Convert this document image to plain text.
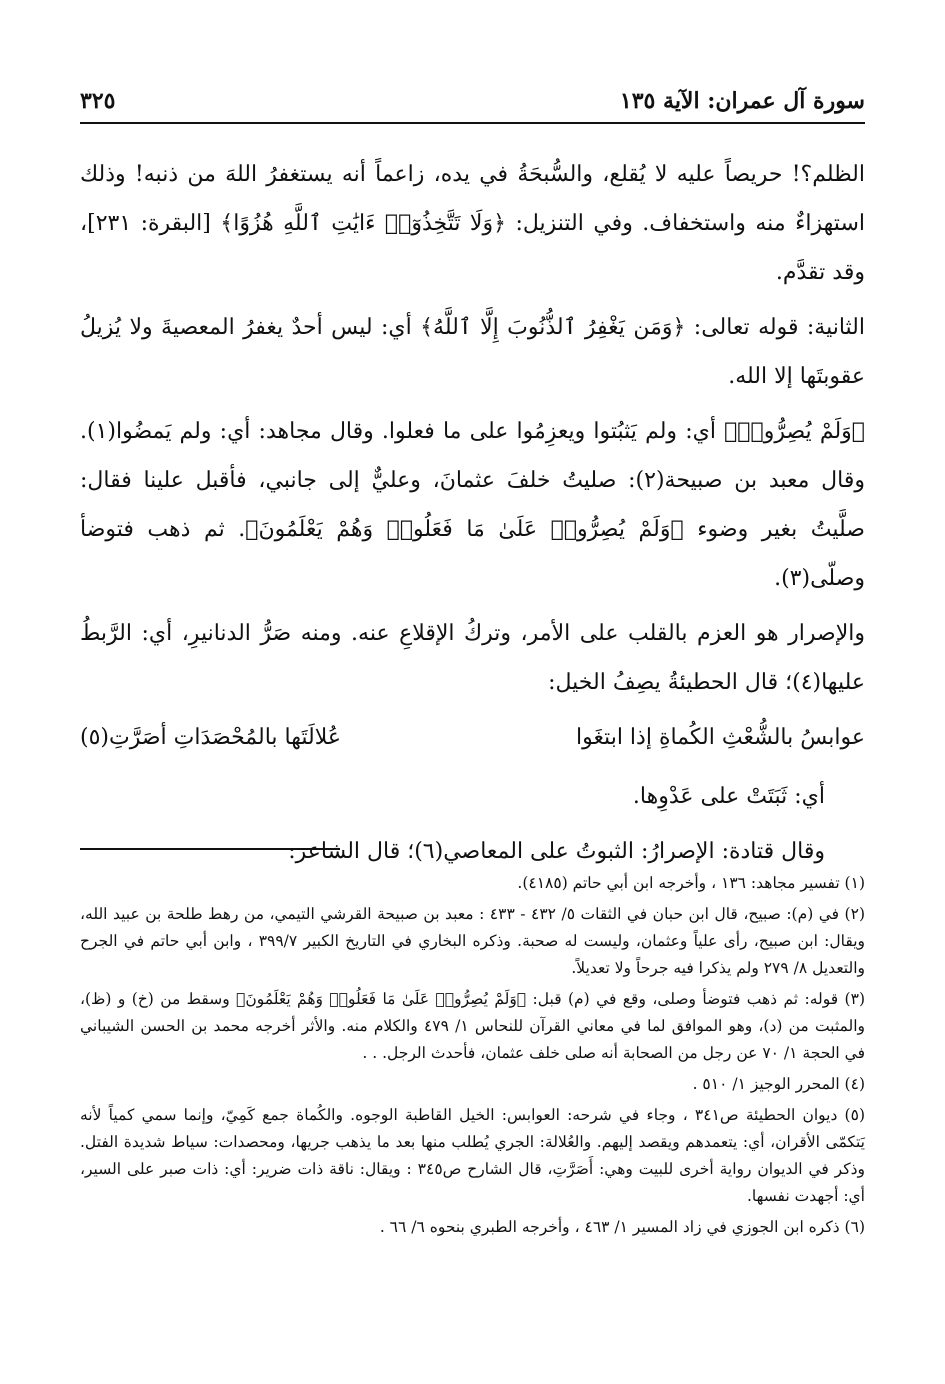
سورة آل عمران: الآية ١٣٥
٣٢٥

الظلم؟! حريصاً عليه لا يُقلع، والسُّبحَةُ في يده، زاعماً أنه يستغفرُ اللهَ من ذنبه! وذلك استهزاءٌ منه واستخفاف. وفي التنزيل: ﴿وَلَا تَتَّخِذُوٓا۟ ءَايَٰتِ ٱللَّهِ هُزُوًا﴾ [البقرة: ٢٣١]، وقد تقدَّم.

الثانية: قوله تعالى: ﴿وَمَن يَغْفِرُ ٱلذُّنُوبَ إِلَّا ٱللَّهُ﴾ أي: ليس أحدٌ يغفرُ المعصيةَ ولا يُزيلُ عقوبتَها إلا الله.

﴿وَلَمْ يُصِرُّوا۟﴾ أي: ولم يَثبُتوا ويعزِمُوا على ما فعلوا. وقال مجاهد: أي: ولم يَمضُوا(١). وقال معبد بن صبيحة(٢): صليتُ خلفَ عثمانَ، وعليٌّ إلى جانبي، فأقبل علينا فقال: صلَّيتُ بغير وضوء ﴿وَلَمْ يُصِرُّوا۟ عَلَىٰ مَا فَعَلُوا۟ وَهُمْ يَعْلَمُونَ﴾. ثم ذهب فتوضأ وصلّى(٣).

والإصرار هو العزم بالقلب على الأمر، وتركُ الإقلاعِ عنه. ومنه صَرُّ الدنانيرِ، أي: الرَّبطُ عليها(٤)؛ قال الحطيئةُ يصِفُ الخيل:

عوابسُ بالشُّعْثِ الكُماةِ إذا ابتغَوا
عُلالَتَها بالمُحْصَدَاتِ أصَرَّتِ(٥)

أي: ثَبَتَتْ على عَدْوِها.

وقال قتادة: الإصرارُ: الثبوتُ على المعاصي(٦)؛ قال الشاعر:

(١) تفسير مجاهد: ١٣٦ ، وأخرجه ابن أبي حاتم (٤١٨٥).

(٢) في (م): صبيح، قال ابن حبان في الثقات ٥/ ٤٣٢ - ٤٣٣ : معبد بن صبيحة القرشي التيمي، من رهط طلحة بن عبيد الله، ويقال: ابن صبيح، رأى علياً وعثمان، وليست له صحبة. وذكره البخاري في التاريخ الكبير ٣٩٩/٧ ، وابن أبي حاتم في الجرح والتعديل ٨/ ٢٧٩ ولم يذكرا فيه جرحاً ولا تعديلاً.

(٣) قوله: ثم ذهب فتوضأ وصلى، وقع في (م) قبل: ﴿وَلَمْ يُصِرُّوا۟ عَلَىٰ مَا فَعَلُوا۟ وَهُمْ يَعْلَمُونَ﴾ وسقط من (خ) و (ظ)، والمثبت من (د)، وهو الموافق لما في معاني القرآن للنحاس ١/ ٤٧٩ والكلام منه. والأثر أخرجه محمد بن الحسن الشيباني في الحجة ١/ ٧٠ عن رجل من الصحابة أنه صلى خلف عثمان، فأحدث الرجل. . .

(٤) المحرر الوجيز ١/ ٥١٠ .

(٥) ديوان الحطيئة ص٣٤١ ، وجاء في شرحه: العوابس: الخيل القاطبة الوجوه. والكُماة جمع كَمِيّ، وإنما سمي كمياً لأنه يَتكمّى الأقران، أي: يتعمدهم ويقصد إليهم. والعُلالة: الجري يُطلب منها بعد ما يذهب جريها، ومحصدات: سياط شديدة الفتل. وذكر في الديوان رواية أخرى للبيت وهي: أَصَرَّتِ، قال الشارح ص٣٤٥ : ويقال: ناقة ذات ضرير: أي: ذات صبر على السير، أي: أجهدت نفسها.

(٦) ذكره ابن الجوزي في زاد المسير ١/ ٤٦٣ ، وأخرجه الطبري بنحوه ٦/ ٦٦ .
